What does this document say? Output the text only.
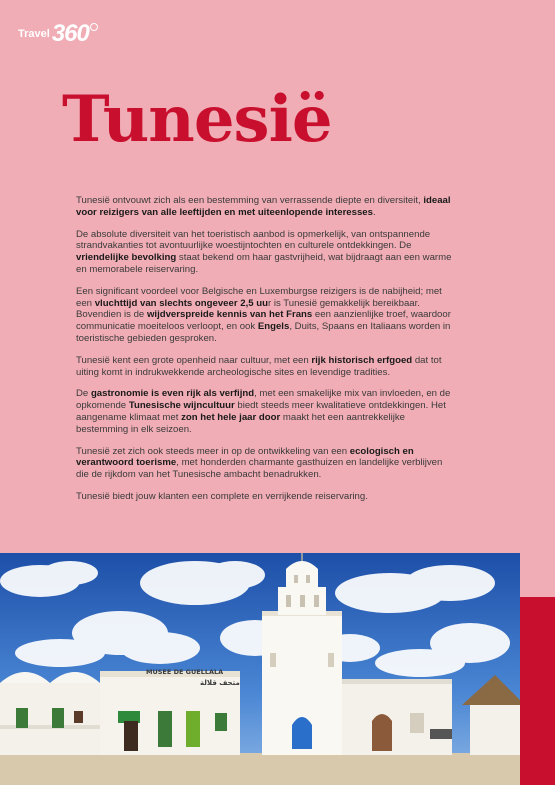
Travel 360
Tunesië

Tunesië ontvouwt zich als een bestemming van verrassende diepte en diversiteit, ideaal voor reizigers van alle leeftijden en met uiteenlopende interesses.

De absolute diversiteit van het toeristisch aanbod is opmerkelijk, van ontspannende strandvakanties tot avontuurlijke woestijntochten en culturele ontdekkingen. De vriendelijke bevolking staat bekend om haar gastvrijheid, wat bijdraagt aan een warme en memorabele reiservaring.

Een significant voordeel voor Belgische en Luxemburgse reizigers is de nabijheid; met een vluchttijd van slechts ongeveer 2,5 uur is Tunesië gemakkelijk bereikbaar. Bovendien is de wijdverspreide kennis van het Frans een aanzienlijke troef, waardoor communicatie moeiteloos verloopt, en ook Engels, Duits, Spaans en Italiaans worden in toeristische gebieden gesproken.

Tunesië kent een grote openheid naar cultuur, met een rijk historisch erfgoed dat tot uiting komt in indrukwekkende archeologische sites en levendige tradities.

De gastronomie is even rijk als verfijnd, met een smakelijke mix van invloeden, en de opkomende Tunesische wijncultuur biedt steeds meer kwalitatieve ontdekkingen. Het aangename klimaat met zon het hele jaar door maakt het een aantrekkelijke bestemming in elk seizoen.

Tunesië zet zich ook steeds meer in op de ontwikkeling van een ecologisch en verantwoord toerisme, met honderden charmante gasthuizen en landelijke verblijven die de rijkdom van het Tunesische ambacht benadrukken.

Tunesië biedt jouw klanten een complete en verrijkende reiservaring.

MUSEE DE GUELLALA
متحف قلالة
